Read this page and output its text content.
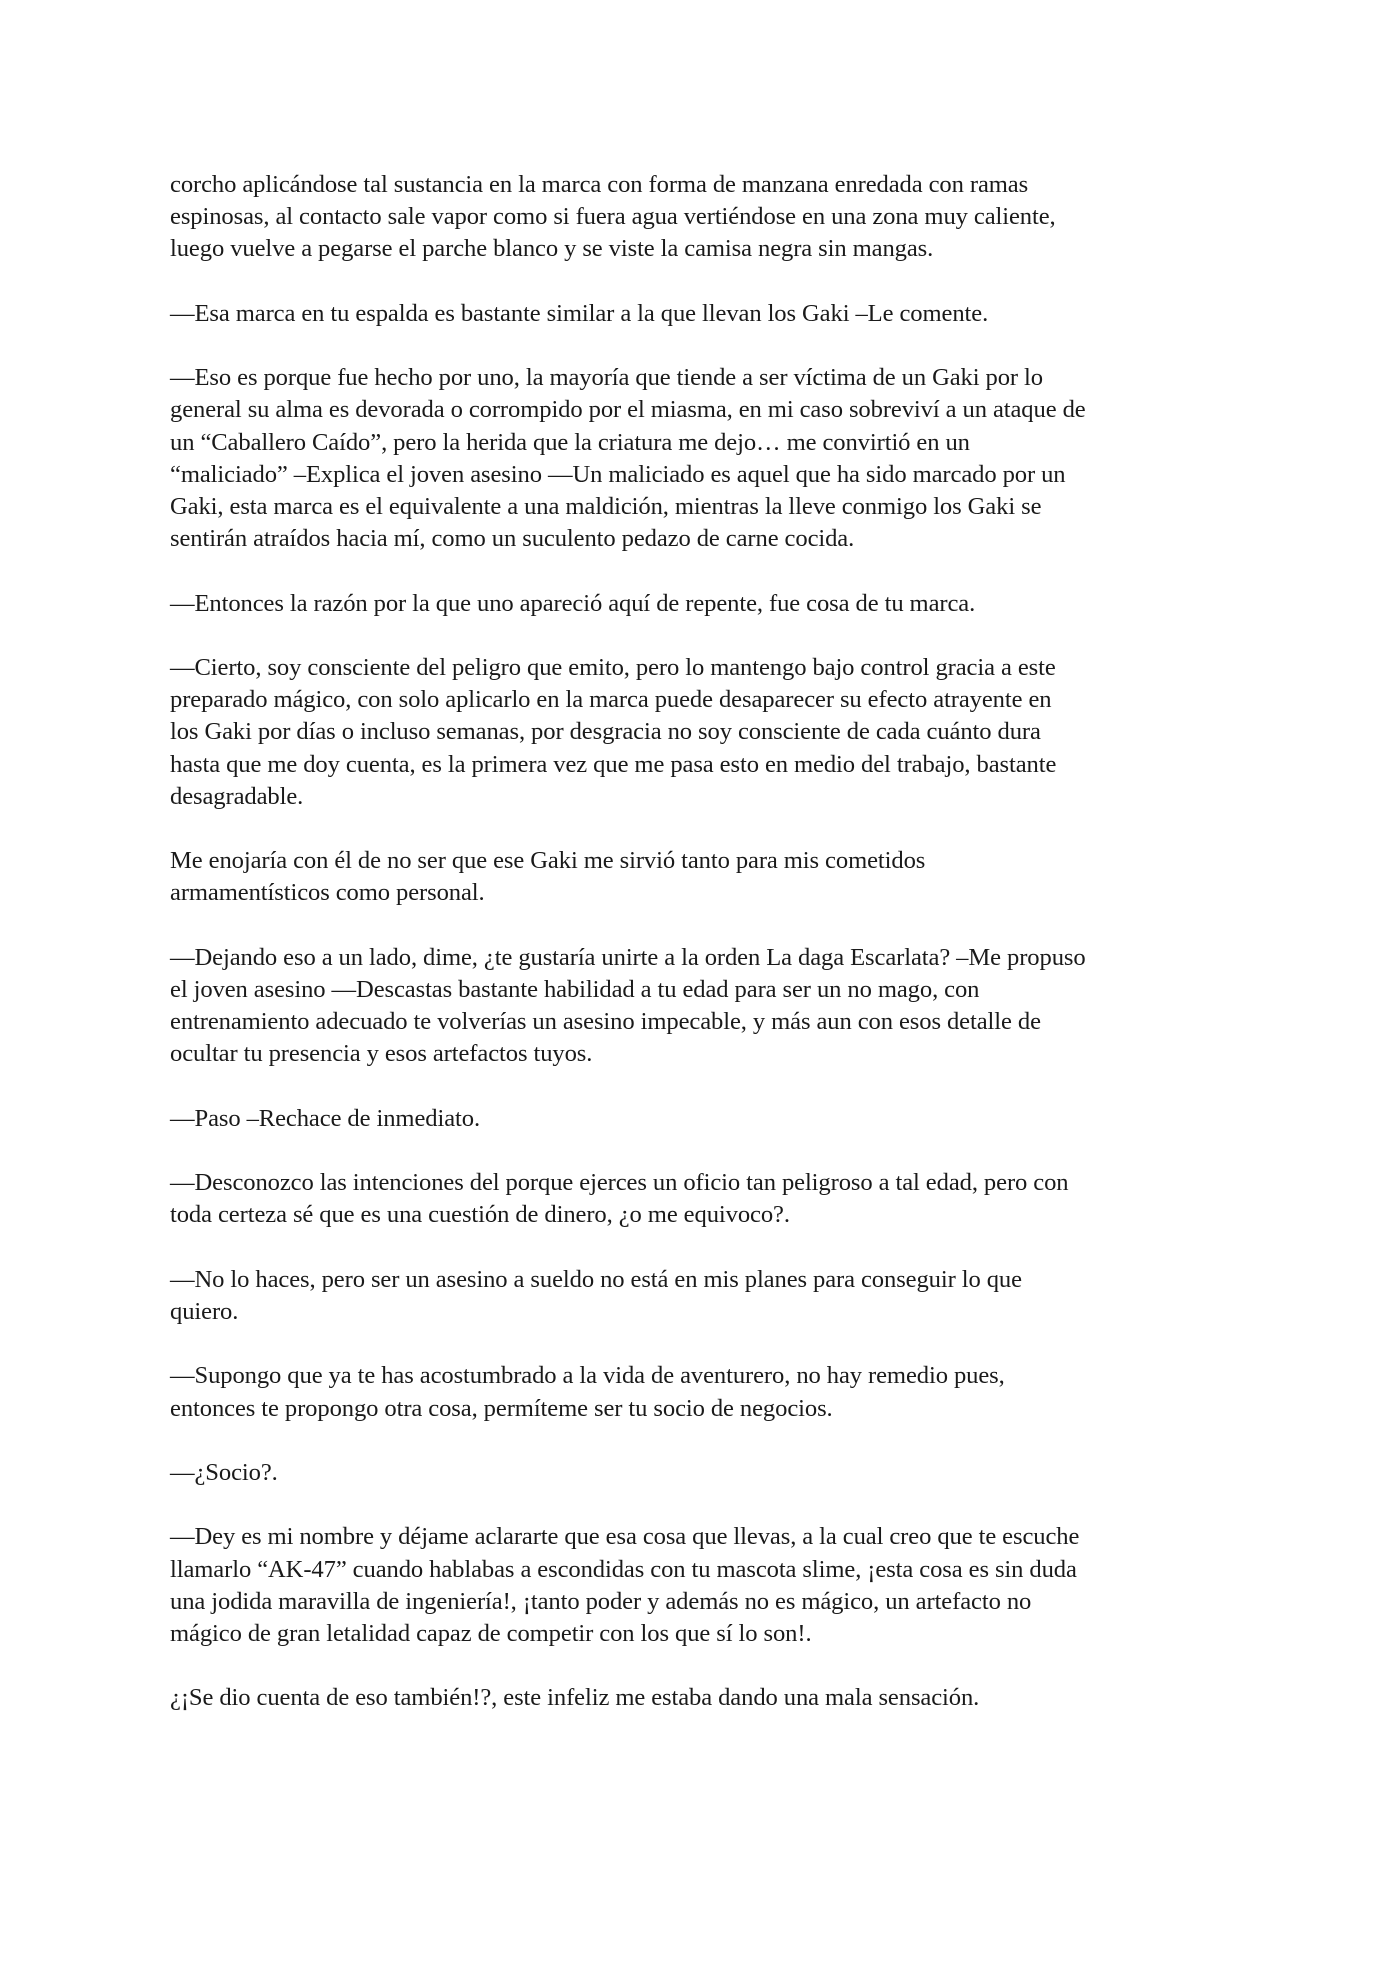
corcho aplicándose tal sustancia en la marca con forma de manzana enredada con ramas
espinosas, al contacto sale vapor como si fuera agua vertiéndose en una zona muy caliente,
luego vuelve a pegarse el parche blanco y se viste la camisa negra sin mangas.

—Esa marca en tu espalda es bastante similar a la que llevan los Gaki –Le comente.

—Eso es porque fue hecho por uno, la mayoría que tiende a ser víctima de un Gaki por lo
general su alma es devorada o corrompido por el miasma, en mi caso sobreviví a un ataque de
un “Caballero Caído”, pero la herida que la criatura me dejo… me convirtió en un
“maliciado” –Explica el joven asesino —Un maliciado es aquel que ha sido marcado por un
Gaki, esta marca es el equivalente a una maldición, mientras la lleve conmigo los Gaki se
sentirán atraídos hacia mí, como un suculento pedazo de carne cocida.

—Entonces la razón por la que uno apareció aquí de repente, fue cosa de tu marca.

—Cierto, soy consciente del peligro que emito, pero lo mantengo bajo control gracia a este
preparado mágico, con solo aplicarlo en la marca puede desaparecer su efecto atrayente en
los Gaki por días o incluso semanas, por desgracia no soy consciente de cada cuánto dura
hasta que me doy cuenta, es la primera vez que me pasa esto en medio del trabajo, bastante
desagradable.

Me enojaría con él de no ser que ese Gaki me sirvió tanto para mis cometidos
armamentísticos como personal.

—Dejando eso a un lado, dime, ¿te gustaría unirte a la orden La daga Escarlata? –Me propuso
el joven asesino —Descastas bastante habilidad a tu edad para ser un no mago, con
entrenamiento adecuado te volverías un asesino impecable, y más aun con esos detalle de
ocultar tu presencia y esos artefactos tuyos.

—Paso –Rechace de inmediato.

—Desconozco las intenciones del porque ejerces un oficio tan peligroso a tal edad, pero con
toda certeza sé que es una cuestión de dinero, ¿o me equivoco?.

—No lo haces, pero ser un asesino a sueldo no está en mis planes para conseguir lo que
quiero.

—Supongo que ya te has acostumbrado a la vida de aventurero, no hay remedio pues,
entonces te propongo otra cosa, permíteme ser tu socio de negocios.

—¿Socio?.

—Dey es mi nombre y déjame aclararte que esa cosa que llevas, a la cual creo que te escuche
llamarlo “AK-47” cuando hablabas a escondidas con tu mascota slime, ¡esta cosa es sin duda
una jodida maravilla de ingeniería!, ¡tanto poder y además no es mágico, un artefacto no
mágico de gran letalidad capaz de competir con los que sí lo son!.

¿¡Se dio cuenta de eso también!?, este infeliz me estaba dando una mala sensación.
